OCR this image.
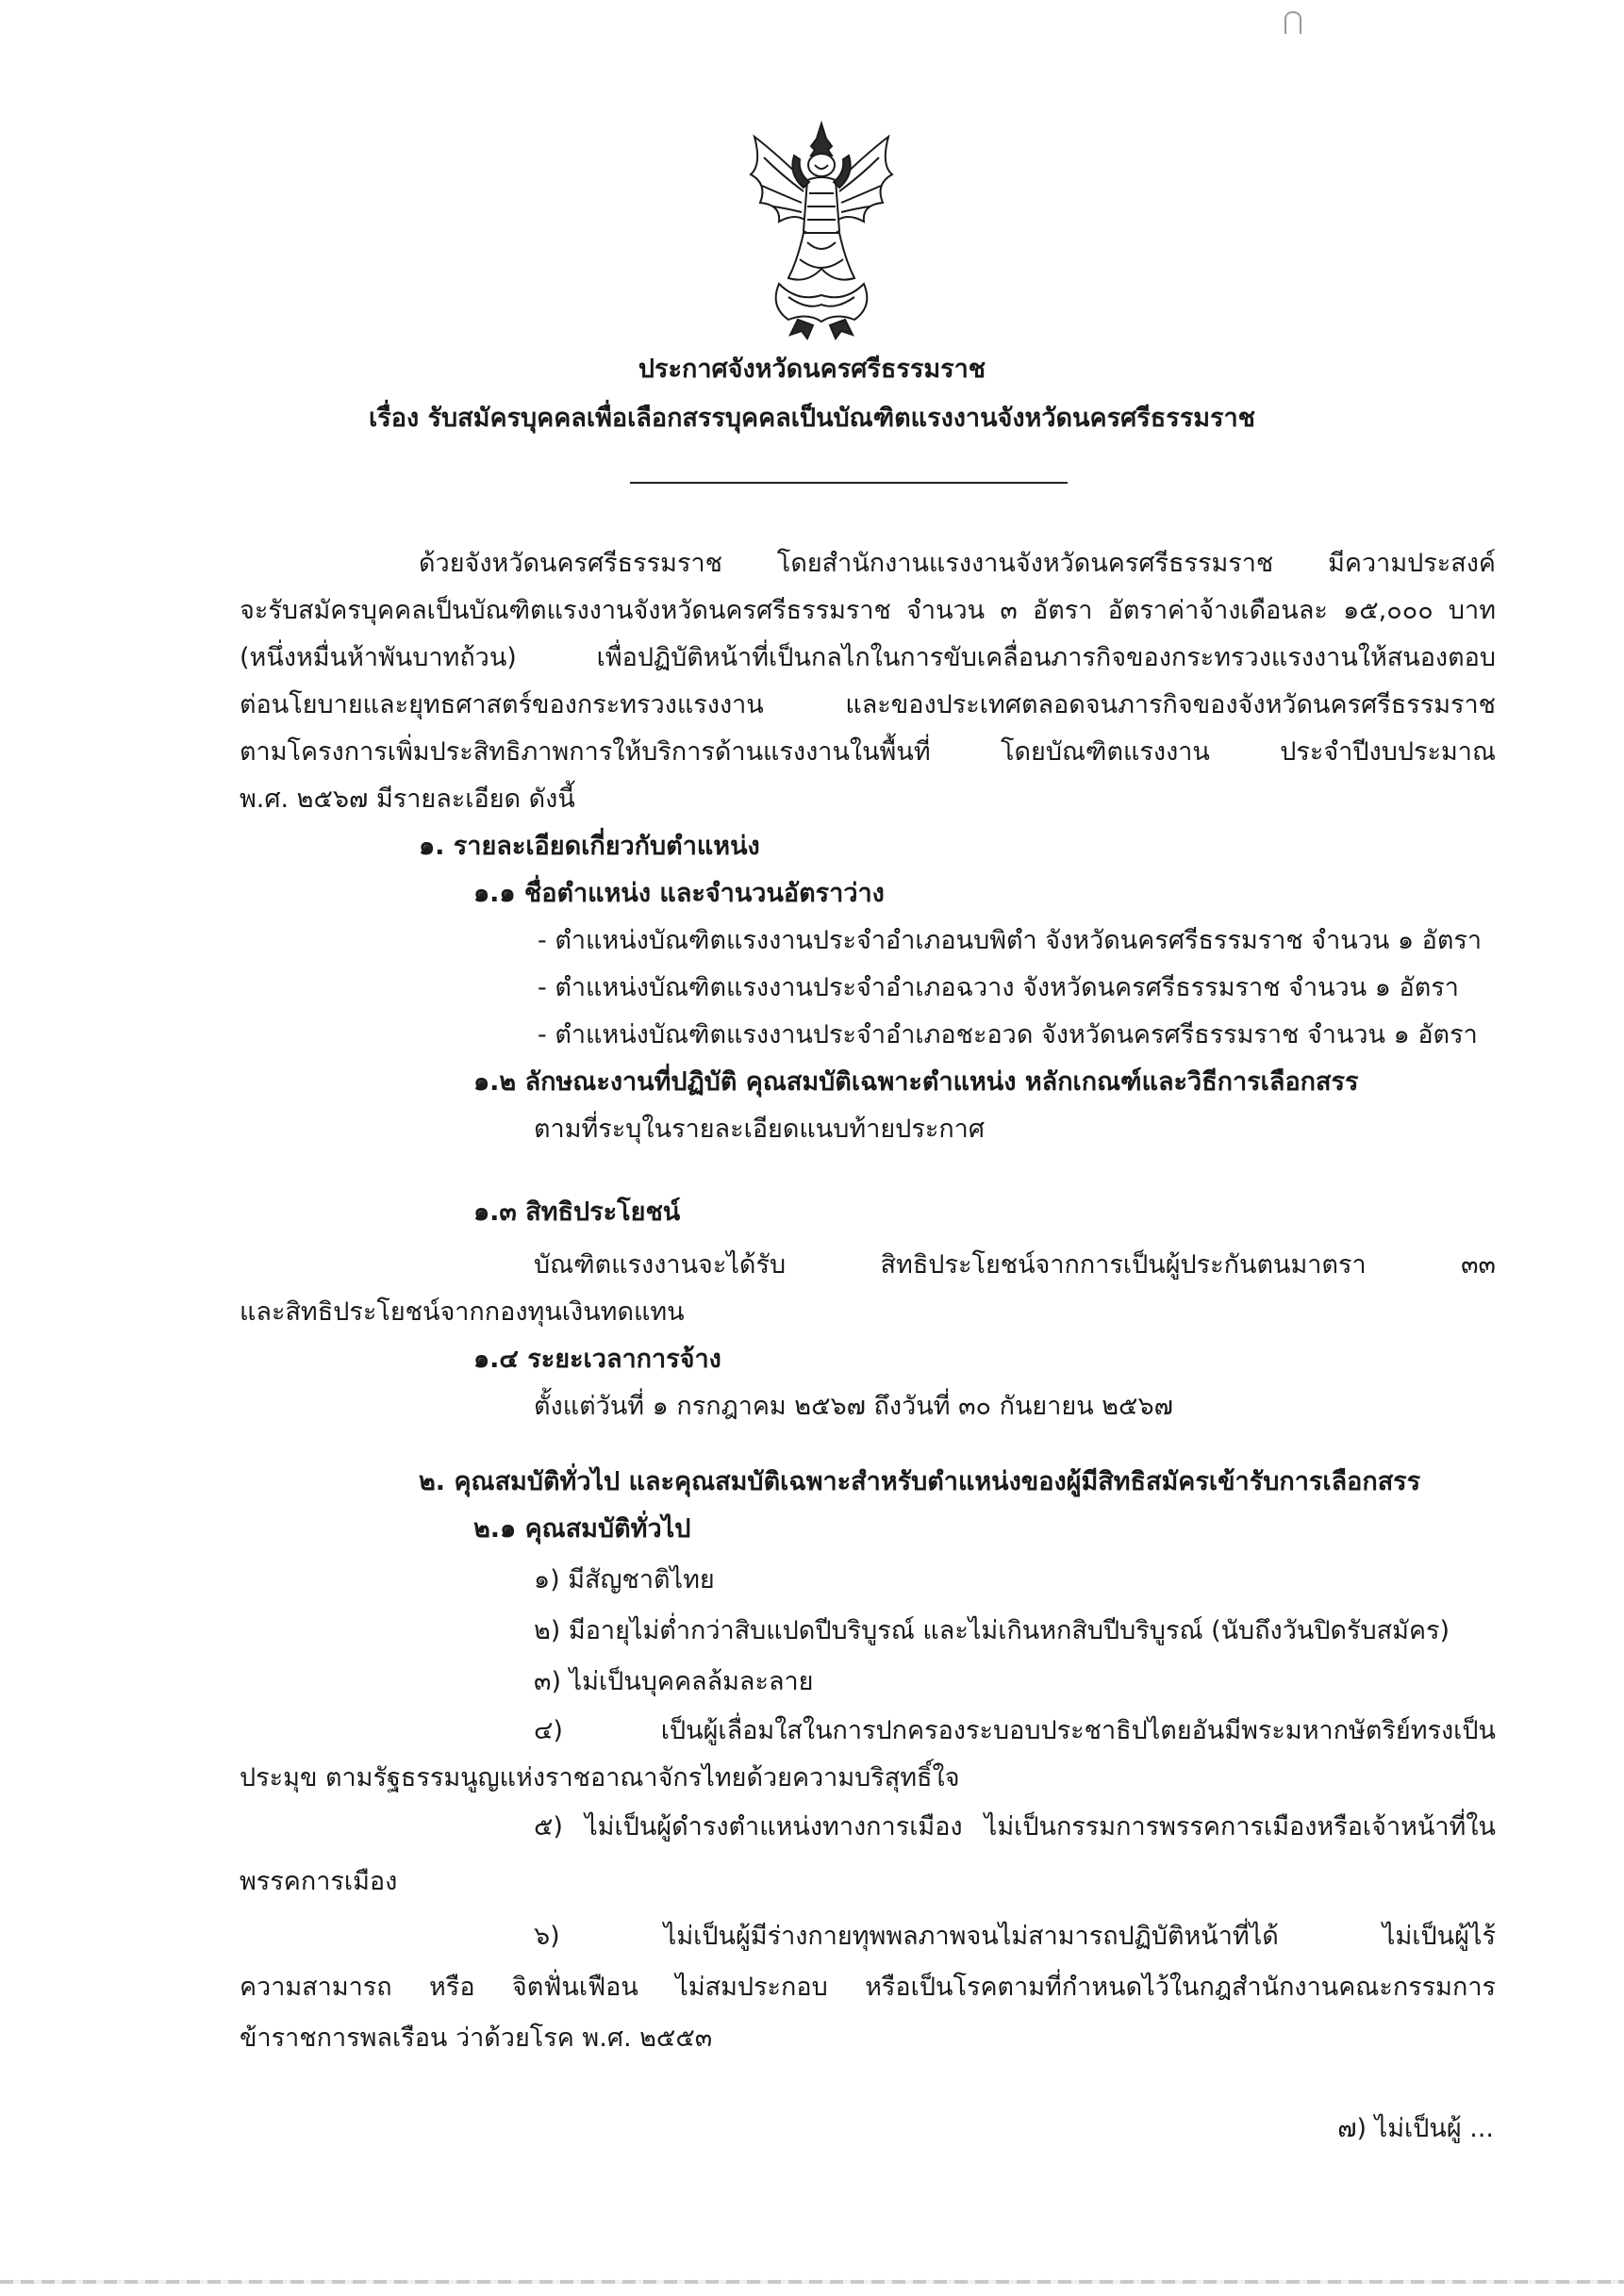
ประกาศจังหวัดนครศรีธรรมราช
เรื่อง รับสมัครบุคคลเพื่อเลือกสรรบุคคลเป็นบัณฑิตแรงงานจังหวัดนครศรีธรรมราช
ด้วยจังหวัดนครศรีธรรมราช โดยสำนักงานแรงงานจังหวัดนครศรีธรรมราช มีความประสงค์
จะรับสมัครบุคคลเป็นบัณฑิตแรงงานจังหวัดนครศรีธรรมราช จำนวน ๓ อัตรา อัตราค่าจ้างเดือนละ ๑๕,๐๐๐ บาท
(หนึ่งหมื่นห้าพันบาทถ้วน) เพื่อปฏิบัติหน้าที่เป็นกลไกในการขับเคลื่อนภารกิจของกระทรวงแรงงานให้สนองตอบ
ต่อนโยบายและยุทธศาสตร์ของกระทรวงแรงงาน และของประเทศตลอดจนภารกิจของจังหวัดนครศรีธรรมราช
ตามโครงการเพิ่มประสิทธิภาพการให้บริการด้านแรงงานในพื้นที่ โดยบัณฑิตแรงงาน ประจำปีงบประมาณ
พ.ศ. ๒๕๖๗ มีรายละเอียด ดังนี้
๑. รายละเอียดเกี่ยวกับตำแหน่ง
๑.๑ ชื่อตำแหน่ง และจำนวนอัตราว่าง
- ตำแหน่งบัณฑิตแรงงานประจำอำเภอนบพิตำ จังหวัดนครศรีธรรมราช จำนวน ๑ อัตรา
- ตำแหน่งบัณฑิตแรงงานประจำอำเภอฉวาง จังหวัดนครศรีธรรมราช จำนวน ๑ อัตรา
- ตำแหน่งบัณฑิตแรงงานประจำอำเภอชะอวด จังหวัดนครศรีธรรมราช จำนวน ๑ อัตรา
๑.๒ ลักษณะงานที่ปฏิบัติ คุณสมบัติเฉพาะตำแหน่ง หลักเกณฑ์และวิธีการเลือกสรร
ตามที่ระบุในรายละเอียดแนบท้ายประกาศ
๑.๓ สิทธิประโยชน์
บัณฑิตแรงงานจะได้รับ สิทธิประโยชน์จากการเป็นผู้ประกันตนมาตรา ๓๓
และสิทธิประโยชน์จากกองทุนเงินทดแทน
๑.๔ ระยะเวลาการจ้าง
ตั้งแต่วันที่ ๑ กรกฎาคม ๒๕๖๗ ถึงวันที่ ๓๐ กันยายน ๒๕๖๗
๒. คุณสมบัติทั่วไป และคุณสมบัติเฉพาะสำหรับตำแหน่งของผู้มีสิทธิสมัครเข้ารับการเลือกสรร
๒.๑ คุณสมบัติทั่วไป
๑) มีสัญชาติไทย
๒) มีอายุไม่ต่ำกว่าสิบแปดปีบริบูรณ์ และไม่เกินหกสิบปีบริบูรณ์ (นับถึงวันปิดรับสมัคร)
๓) ไม่เป็นบุคคลล้มละลาย
๔) เป็นผู้เลื่อมใสในการปกครองระบอบประชาธิปไตยอันมีพระมหากษัตริย์ทรงเป็น
ประมุข ตามรัฐธรรมนูญแห่งราชอาณาจักรไทยด้วยความบริสุทธิ์ใจ
๕) ไม่เป็นผู้ดำรงตำแหน่งทางการเมือง ไม่เป็นกรรมการพรรคการเมืองหรือเจ้าหน้าที่ใน
พรรคการเมือง
๖) ไม่เป็นผู้มีร่างกายทุพพลภาพจนไม่สามารถปฏิบัติหน้าที่ได้ ไม่เป็นผู้ไร้
ความสามารถ หรือ จิตฟั่นเฟือน ไม่สมประกอบ หรือเป็นโรคตามที่กำหนดไว้ในกฎสำนักงานคณะกรรมการ
ข้าราชการพลเรือน ว่าด้วยโรค พ.ศ. ๒๕๕๓
๗) ไม่เป็นผู้ ...
